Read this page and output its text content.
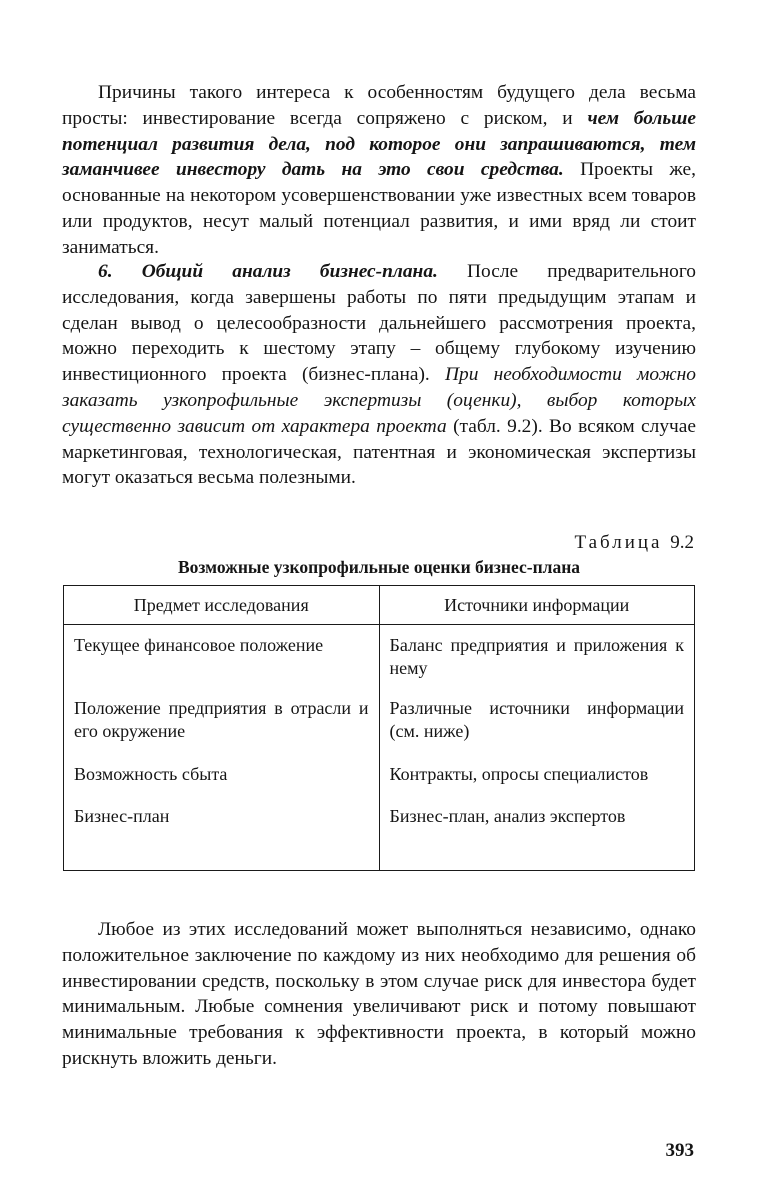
Причины такого интереса к особенностям будущего дела весьма просты: инвестирование всегда сопряжено с риском, и чем больше потенциал развития дела, под которое они запрашиваются, тем заманчивее инвестору дать на это свои средства. Проекты же, основанные на некотором усовершенствовании уже известных всем товаров или продуктов, несут малый потенциал развития, и ими вряд ли стоит заниматься.

6. Общий анализ бизнес-плана. После предварительного исследования, когда завершены работы по пяти предыдущим этапам и сделан вывод о целесообразности дальнейшего рассмотрения проекта, можно переходить к шестому этапу – общему глубокому изучению инвестиционного проекта (бизнес-плана). При необходимости можно заказать узкопрофильные экспертизы (оценки), выбор которых существенно зависит от характера проекта (табл. 9.2). Во всяком случае маркетинговая, технологическая, патентная и экономическая экспертизы могут оказаться весьма полезными.

Таблица 9.2
Возможные узкопрофильные оценки бизнес-плана
Предмет исследования	Источники информации
Текущее финансовое положение	Баланс предприятия и приложения к нему
Положение предприятия в отрасли и его окружение	Различные источники информации (см. ниже)
Возможность сбыта	Контракты, опросы специалистов
Бизнес-план	Бизнес-план, анализ экспертов

Любое из этих исследований может выполняться независимо, однако положительное заключение по каждому из них необходимо для решения об инвестировании средств, поскольку в этом случае риск для инвестора будет минимальным. Любые сомнения увеличивают риск и потому повышают минимальные требования к эффективности проекта, в который можно рискнуть вложить деньги.

393
